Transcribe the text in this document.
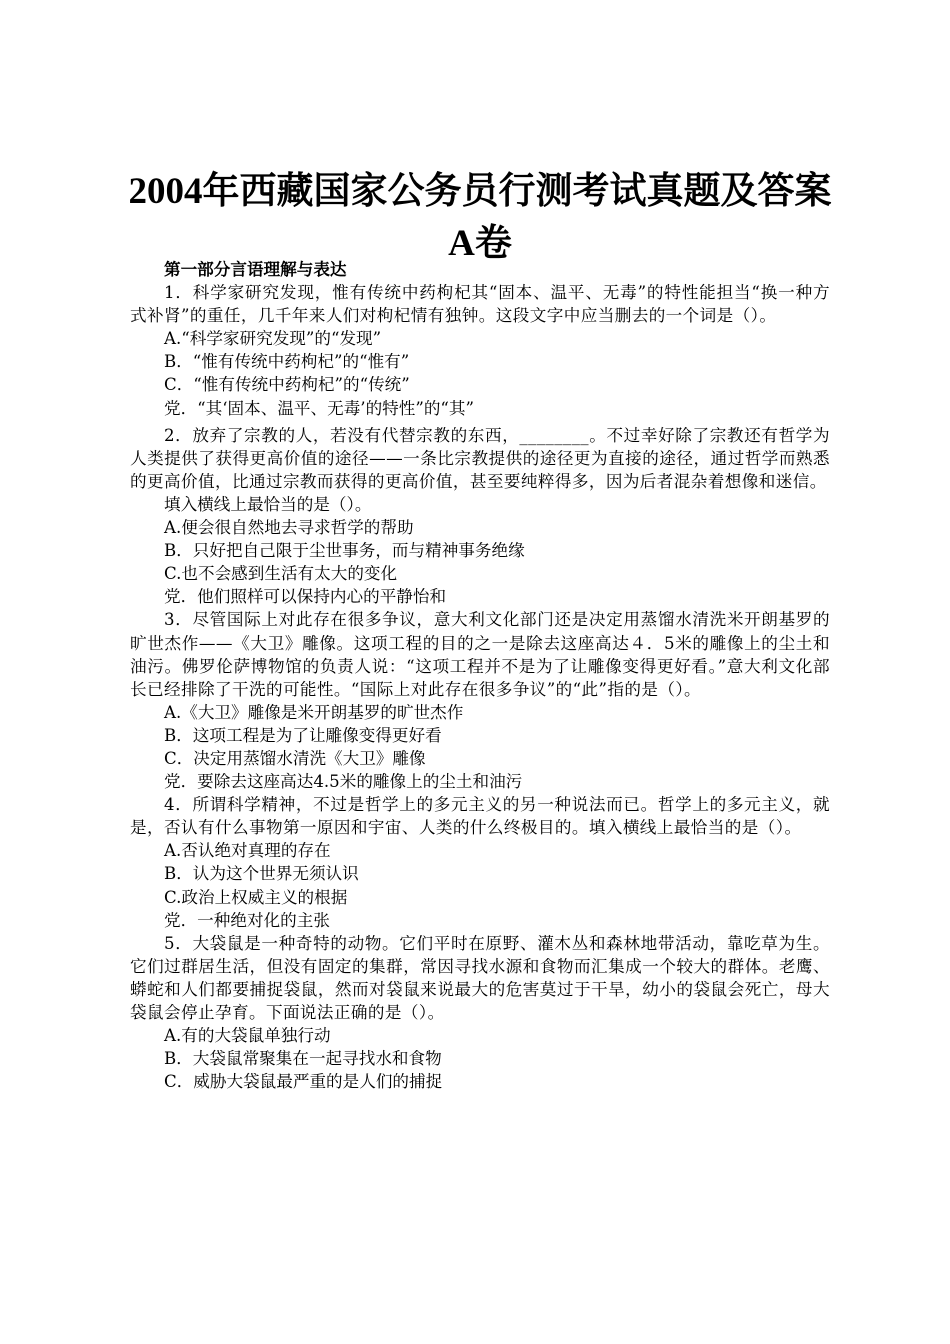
2004年西藏国家公务员行测考试真题及答案
A卷

第一部分言语理解与表达

1．科学家研究发现，惟有传统中药枸杞其“固本、温平、无毒”的特性能担当“换一种方式补肾”的重任，几千年来人们对枸杞情有独钟。这段文字中应当删去的一个词是（）。

A.“科学家研究发现”的“发现”

B．“惟有传统中药枸杞”的“惟有”

C．“惟有传统中药枸杞”的“传统”

党．“其‘固本、温平、无毒’的特性”的“其”

2．放弃了宗教的人，若没有代替宗教的东西，________。不过幸好除了宗教还有哲学为人类提供了获得更高价值的途径——一条比宗教提供的途径更为直接的途径，通过哲学而熟悉的更高价值，比通过宗教而获得的更高价值，甚至要纯粹得多，因为后者混杂着想像和迷信。

填入横线上最恰当的是（）。

A.便会很自然地去寻求哲学的帮助

B．只好把自己限于尘世事务，而与精神事务绝缘

C.也不会感到生活有太大的变化

党．他们照样可以保持内心的平静怡和

3．尽管国际上对此存在很多争议，意大利文化部门还是决定用蒸馏水清洗米开朗基罗的旷世杰作——《大卫》雕像。这项工程的目的之一是除去这座高达４．5米的雕像上的尘土和油污。佛罗伦萨博物馆的负责人说：“这项工程并不是为了让雕像变得更好看。”意大利文化部长已经排除了干洗的可能性。“国际上对此存在很多争议”的“此”指的是（）。

A.《大卫》雕像是米开朗基罗的旷世杰作

B．这项工程是为了让雕像变得更好看

C．决定用蒸馏水清洗《大卫》雕像

党．要除去这座高达4.5米的雕像上的尘土和油污

4．所谓科学精神，不过是哲学上的多元主义的另一种说法而已。哲学上的多元主义，就是，否认有什么事物第一原因和宇宙、人类的什么终极目的。填入横线上最恰当的是（）。

A.否认绝对真理的存在

B．认为这个世界无须认识

C.政治上权威主义的根据

党．一种绝对化的主张

5．大袋鼠是一种奇特的动物。它们平时在原野、灌木丛和森林地带活动，靠吃草为生。它们过群居生活，但没有固定的集群，常因寻找水源和食物而汇集成一个较大的群体。老鹰、蟒蛇和人们都要捕捉袋鼠，然而对袋鼠来说最大的危害莫过于干旱，幼小的袋鼠会死亡，母大袋鼠会停止孕育。下面说法正确的是（）。

A.有的大袋鼠单独行动

B．大袋鼠常聚集在一起寻找水和食物

C．威胁大袋鼠最严重的是人们的捕捉
